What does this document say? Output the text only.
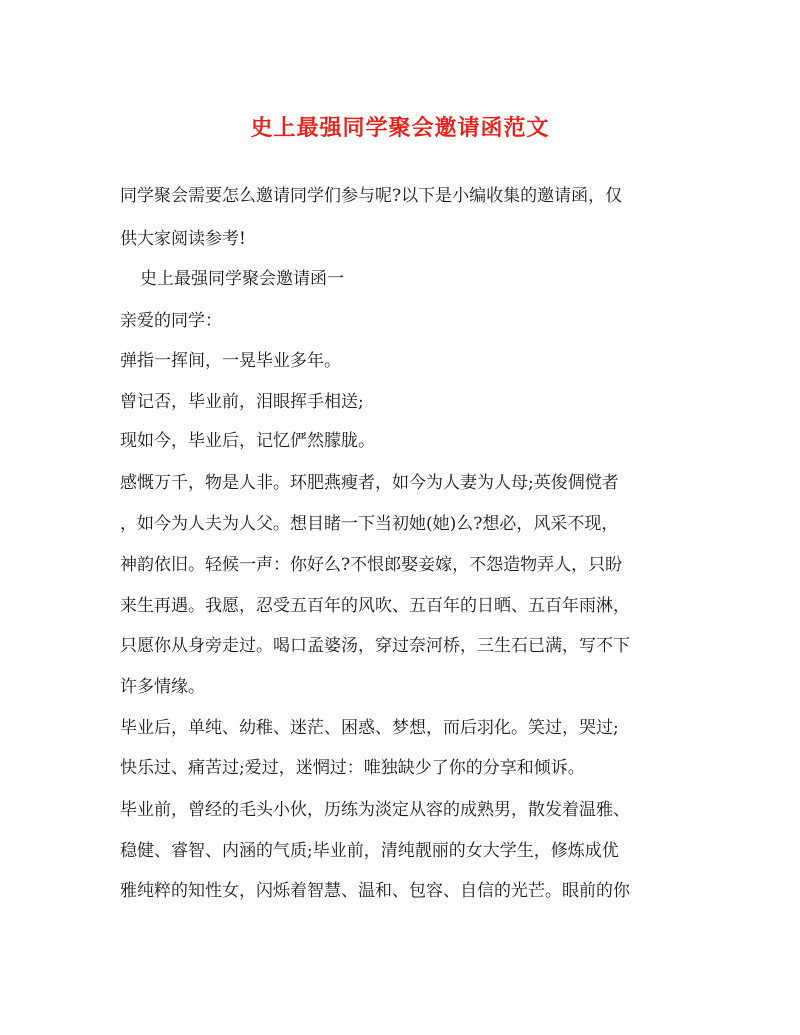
史上最强同学聚会邀请函范文

同学聚会需要怎么邀请同学们参与呢?以下是小编收集的邀请函，仅

供大家阅读参考!

史上最强同学聚会邀请函一

亲爱的同学：

弹指一挥间，一晃毕业多年。

曾记否，毕业前，泪眼挥手相送;

现如今，毕业后，记忆俨然朦胧。

感慨万千，物是人非。环肥燕瘦者，如今为人妻为人母;英俊倜傥者

，如今为人夫为人父。想目睹一下当初她(她)么?想必，风采不现，

神韵依旧。轻候一声：你好么?不恨郎娶妾嫁，不怨造物弄人，只盼

来生再遇。我愿，忍受五百年的风吹、五百年的日晒、五百年雨淋，

只愿你从身旁走过。喝口孟婆汤，穿过奈河桥，三生石已满，写不下

许多情缘。

毕业后，单纯、幼稚、迷茫、困惑、梦想，而后羽化。笑过，哭过;

快乐过、痛苦过;爱过，迷惘过：唯独缺少了你的分享和倾诉。

毕业前，曾经的毛头小伙，历练为淡定从容的成熟男，散发着温雅、

稳健、睿智、内涵的气质;毕业前，清纯靓丽的女大学生，修炼成优

雅纯粹的知性女，闪烁着智慧、温和、包容、自信的光芒。眼前的你
